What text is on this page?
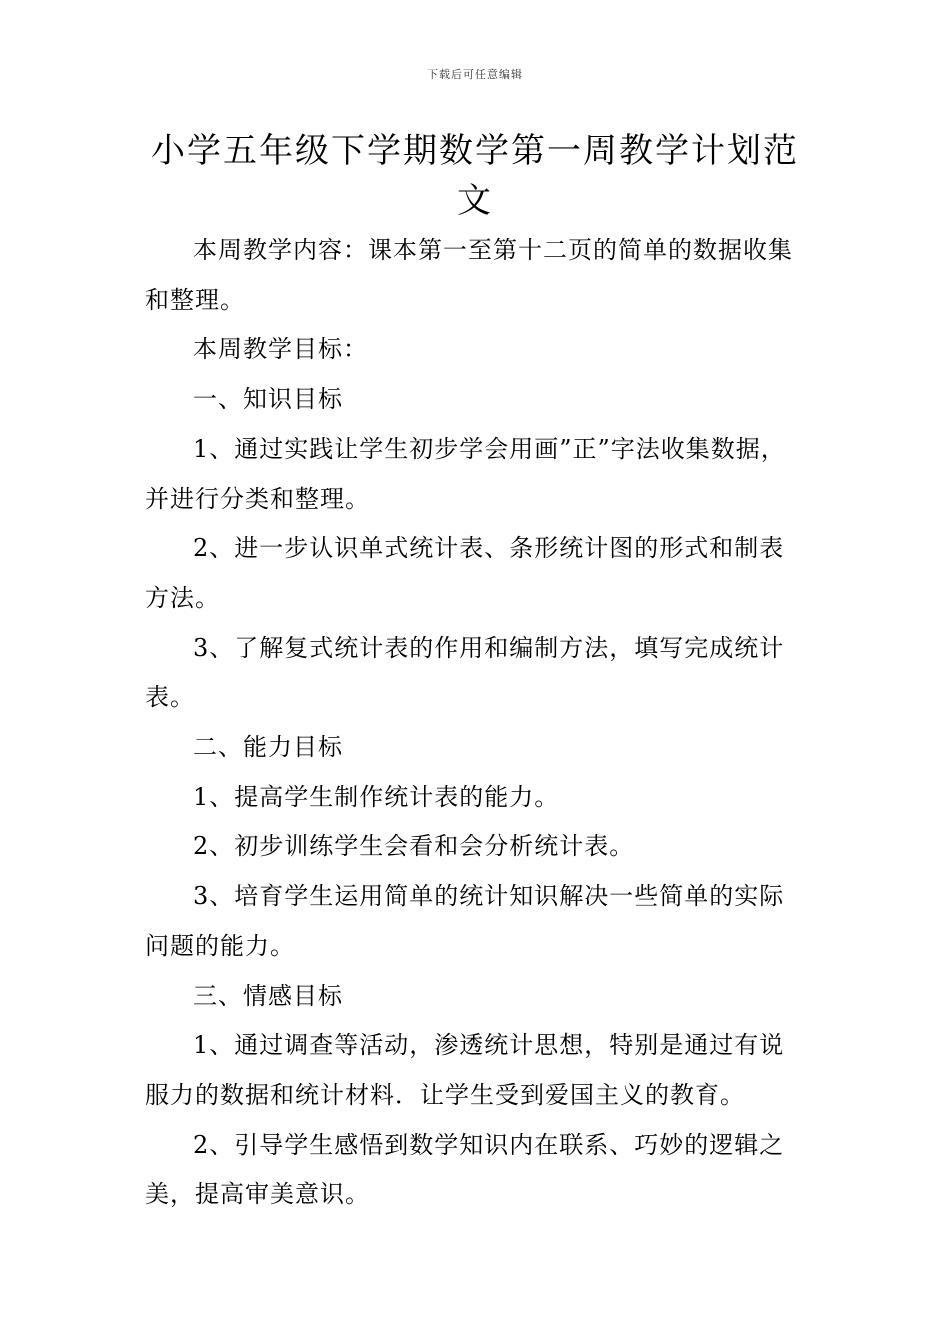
下载后可任意编辑
小学五年级下学期数学第一周教学计划范
文

本周教学内容：课本第一至第十二页的简单的数据收集和整理。

本周教学目标：

一、知识目标

1、通过实践让学生初步学会用画”正”字法收集数据，并进行分类和整理。

2、进一步认识单式统计表、条形统计图的形式和制表方法。

3、了解复式统计表的作用和编制方法，填写完成统计表。

二、能力目标

1、提高学生制作统计表的能力。

2、初步训练学生会看和会分析统计表。

3、培育学生运用简单的统计知识解决一些简单的实际问题的能力。

三、情感目标

1、通过调查等活动，渗透统计思想，特别是通过有说服力的数据和统计材料．让学生受到爱国主义的教育。

2、引导学生感悟到数学知识内在联系、巧妙的逻辑之美，提高审美意识。
